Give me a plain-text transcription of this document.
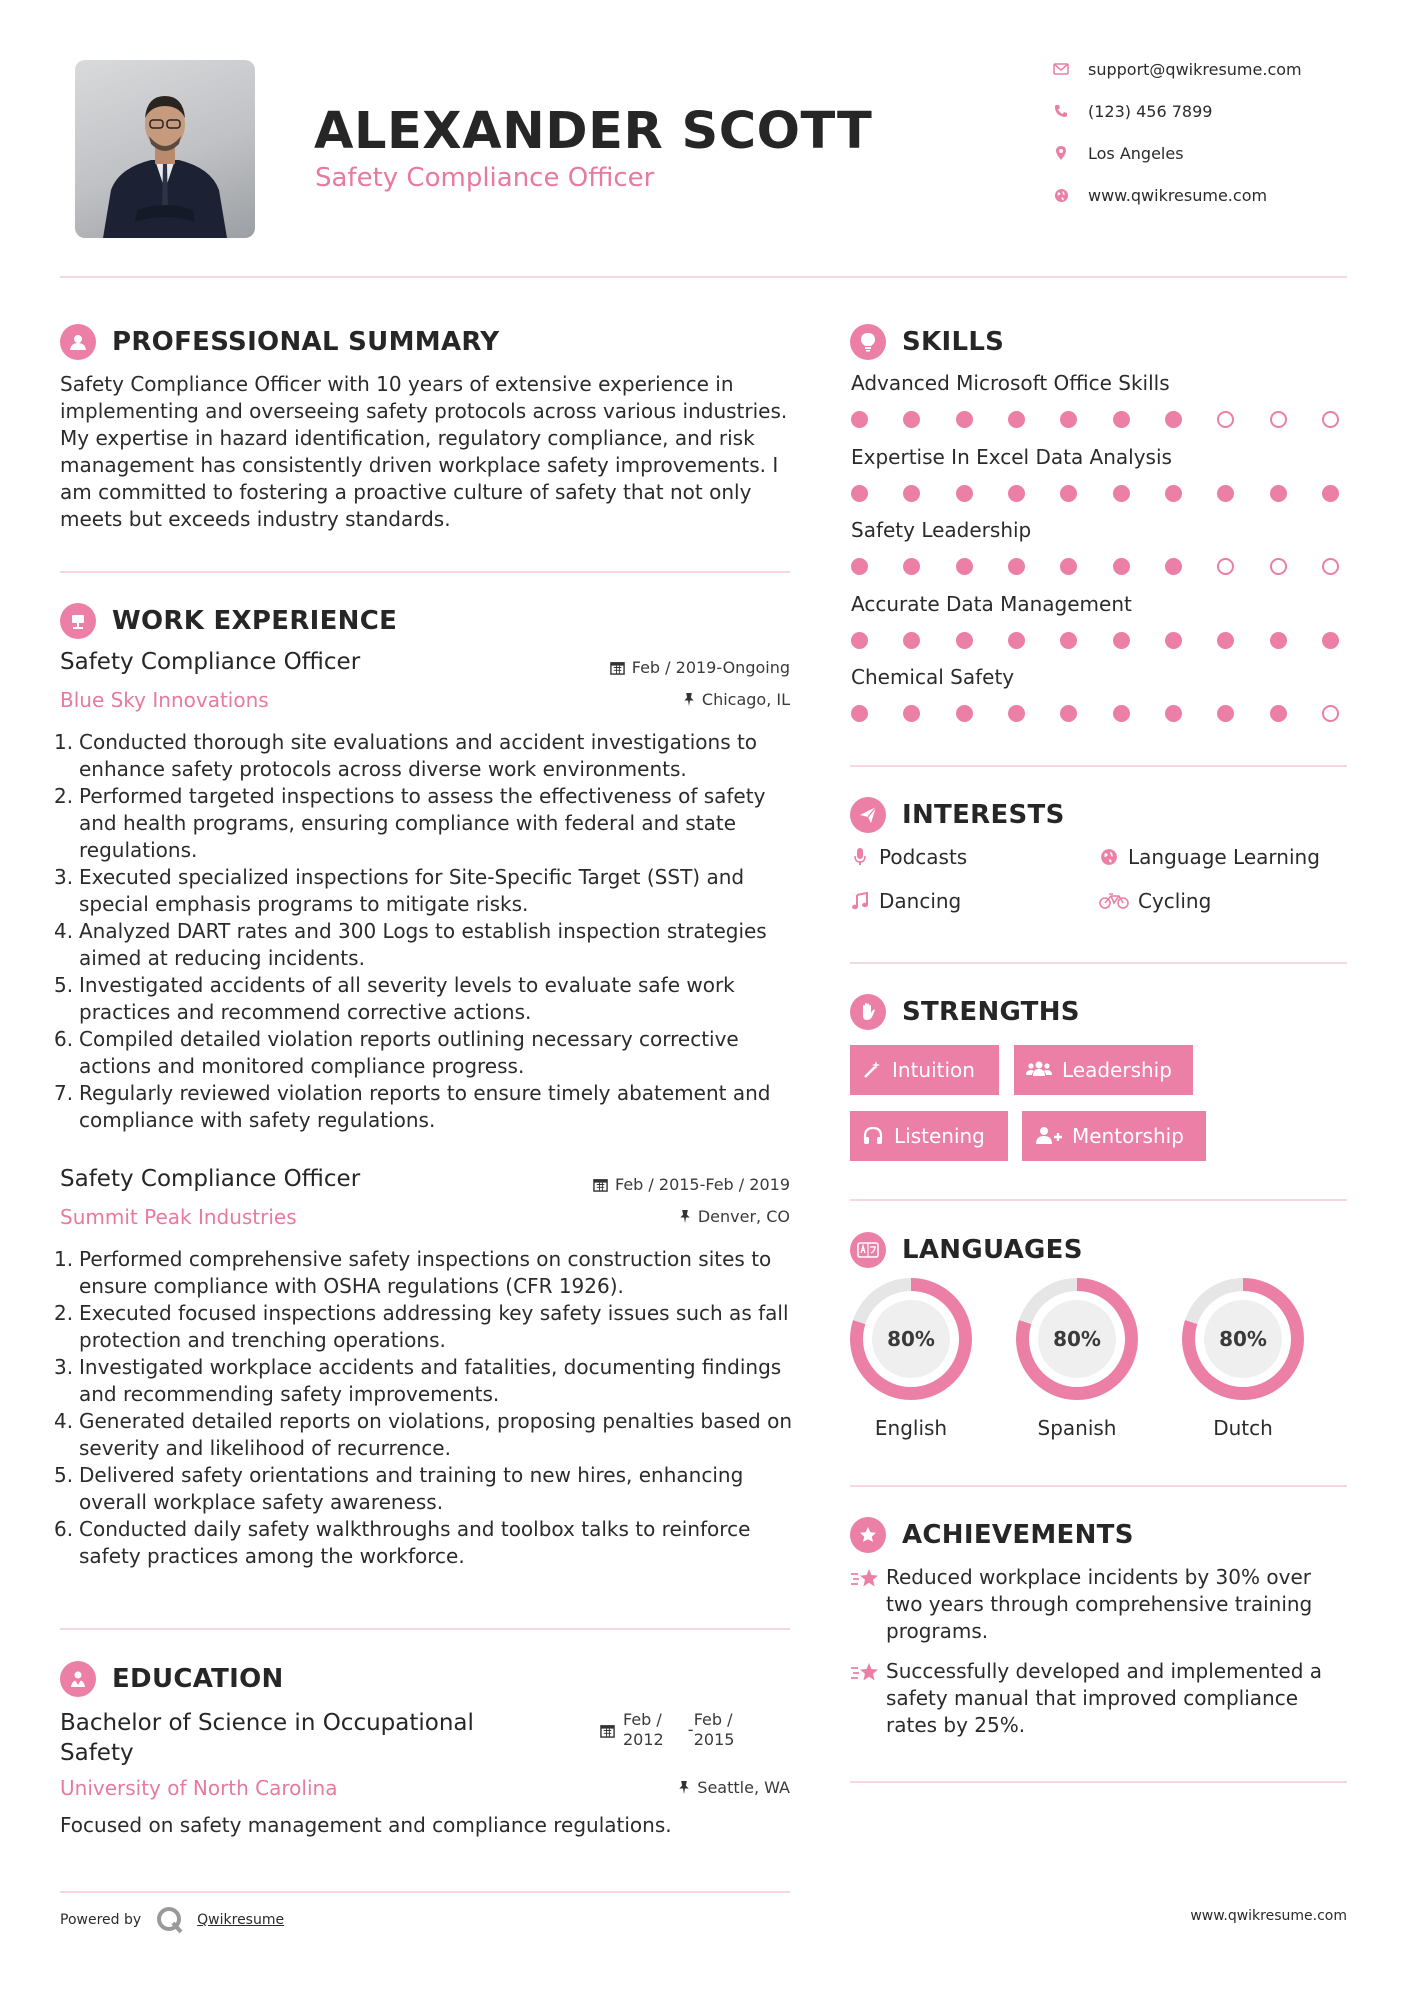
ALEXANDER SCOTT
Safety Compliance Officer
support@qwikresume.com
(123) 456 7899
Los Angeles
www.qwikresume.com
PROFESSIONAL SUMMARY
Safety Compliance Officer with 10 years of extensive experience in implementing and overseeing safety protocols across various industries. My expertise in hazard identification, regulatory compliance, and risk management has consistently driven workplace safety improvements. I am committed to fostering a proactive culture of safety that not only meets but exceeds industry standards.
WORK EXPERIENCE
Safety Compliance Officer	Feb / 2019-Ongoing
Blue Sky Innovations	Chicago, IL
1. Conducted thorough site evaluations and accident investigations to enhance safety protocols across diverse work environments.
2. Performed targeted inspections to assess the effectiveness of safety and health programs, ensuring compliance with federal and state regulations.
3. Executed specialized inspections for Site-Specific Target (SST) and special emphasis programs to mitigate risks.
4. Analyzed DART rates and 300 Logs to establish inspection strategies aimed at reducing incidents.
5. Investigated accidents of all severity levels to evaluate safe work practices and recommend corrective actions.
6. Compiled detailed violation reports outlining necessary corrective actions and monitored compliance progress.
7. Regularly reviewed violation reports to ensure timely abatement and compliance with safety regulations.
Safety Compliance Officer	Feb / 2015-Feb / 2019
Summit Peak Industries	Denver, CO
1. Performed comprehensive safety inspections on construction sites to ensure compliance with OSHA regulations (CFR 1926).
2. Executed focused inspections addressing key safety issues such as fall protection and trenching operations.
3. Investigated workplace accidents and fatalities, documenting findings and recommending safety improvements.
4. Generated detailed reports on violations, proposing penalties based on severity and likelihood of recurrence.
5. Delivered safety orientations and training to new hires, enhancing overall workplace safety awareness.
6. Conducted daily safety walkthroughs and toolbox talks to reinforce safety practices among the workforce.
EDUCATION
Bachelor of Science in Occupational
Safety
Feb /
2012
-
Feb /
2015
University of North Carolina	Seattle, WA
Focused on safety management and compliance regulations.
SKILLS
Advanced Microsoft Office Skills
Expertise In Excel Data Analysis
Safety Leadership
Accurate Data Management
Chemical Safety
INTERESTS
Podcasts	Language Learning
Dancing	Cycling
STRENGTHS
Intuition	Leadership
Listening	Mentorship
LANGUAGES
80%
English
80%
Spanish
80%
Dutch
ACHIEVEMENTS
Reduced workplace incidents by 30% over two years through comprehensive training programs.
Successfully developed and implemented a safety manual that improved compliance rates by 25%.
Powered by	Qwikresume	www.qwikresume.com
